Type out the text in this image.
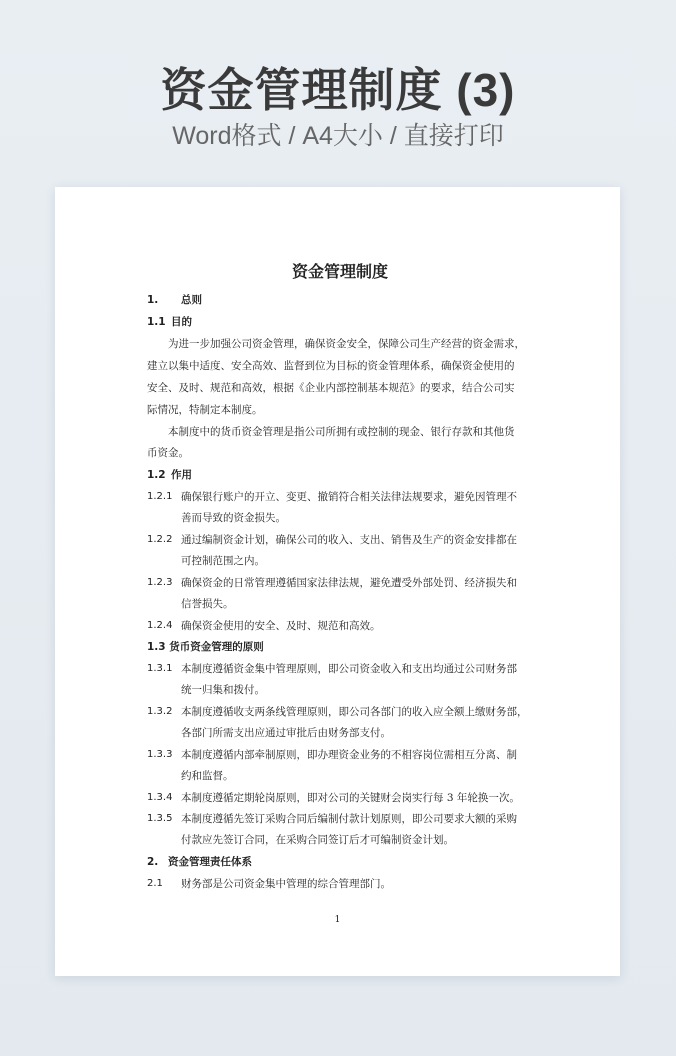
资金管理制度 (3)
Word格式 / A4大小 / 直接打印
资金管理制度
1. 总则
1.1 目的
为进一步加强公司资金管理，确保资金安全，保障公司生产经营的资金需求，
建立以集中适度、安全高效、监督到位为目标的资金管理体系，确保资金使用的
安全、及时、规范和高效，根据《企业内部控制基本规范》的要求，结合公司实
际情况，特制定本制度。
本制度中的货币资金管理是指公司所拥有或控制的现金、银行存款和其他货
币资金。
1.2 作用
1.2.1 确保银行账户的开立、变更、撤销符合相关法律法规要求，避免因管理不
善而导致的资金损失。
1.2.2 通过编制资金计划，确保公司的收入、支出、销售及生产的资金安排都在
可控制范围之内。
1.2.3 确保资金的日常管理遵循国家法律法规，避免遭受外部处罚、经济损失和
信誉损失。
1.2.4 确保资金使用的安全、及时、规范和高效。
1.3 货币资金管理的原则
1.3.1 本制度遵循资金集中管理原则，即公司资金收入和支出均通过公司财务部
统一归集和拨付。
1.3.2 本制度遵循收支两条线管理原则，即公司各部门的收入应全额上缴财务部，
各部门所需支出应通过审批后由财务部支付。
1.3.3 本制度遵循内部牵制原则，即办理资金业务的不相容岗位需相互分离、制
约和监督。
1.3.4 本制度遵循定期轮岗原则，即对公司的关键财会岗实行每 3 年轮换一次。
1.3.5 本制度遵循先签订采购合同后编制付款计划原则，即公司要求大额的采购
付款应先签订合同，在采购合同签订后才可编制资金计划。
2. 资金管理责任体系
2.1	财务部是公司资金集中管理的综合管理部门。
1
